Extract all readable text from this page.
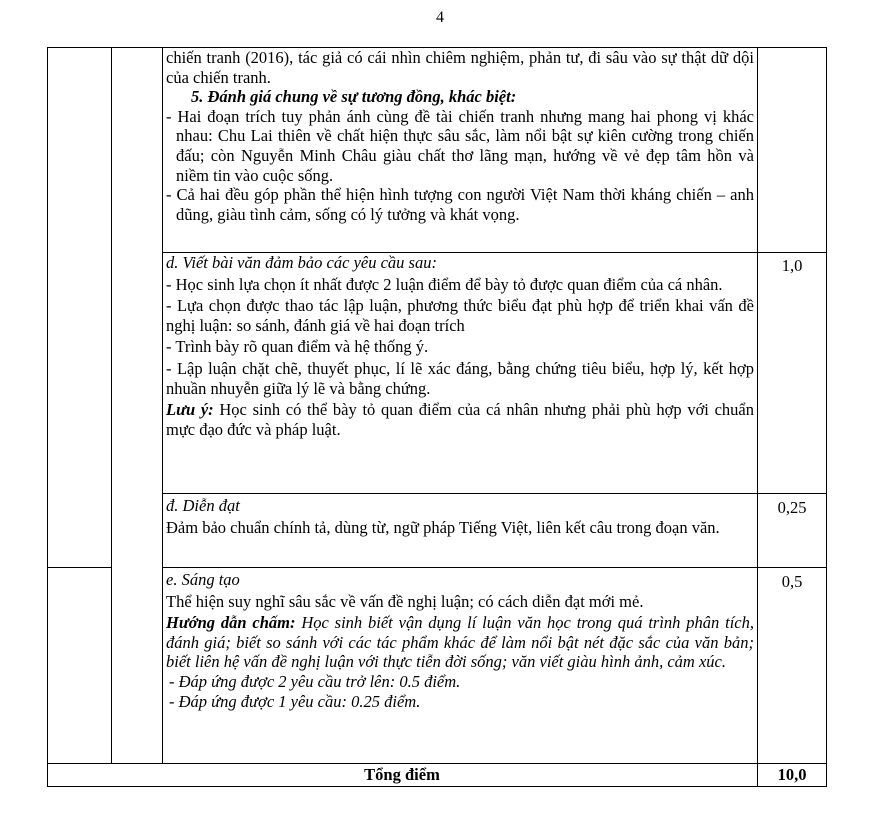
4

chiến tranh (2016), tác giả có cái nhìn chiêm nghiệm, phản tư, đi sâu vào sự thật dữ dội của chiến tranh.

5. Đánh giá chung về sự tương đồng, khác biệt:

- Hai đoạn trích tuy phản ánh cùng đề tài chiến tranh nhưng mang hai phong vị khác nhau: Chu Lai thiên về chất hiện thực sâu sắc, làm nổi bật sự kiên cường trong chiến đấu; còn Nguyễn Minh Châu giàu chất thơ lãng mạn, hướng về vẻ đẹp tâm hồn và niềm tin vào cuộc sống.

- Cả hai đều góp phần thể hiện hình tượng con người Việt Nam thời kháng chiến – anh dũng, giàu tình cảm, sống có lý tưởng và khát vọng.

d. Viết bài văn đảm bảo các yêu cầu sau:

- Học sinh lựa chọn ít nhất được 2 luận điểm để bày tỏ được quan điểm của cá nhân.

- Lựa chọn được thao tác lập luận, phương thức biểu đạt phù hợp để triển khai vấn đề nghị luận: so sánh, đánh giá về hai đoạn trích

- Trình bày rõ quan điểm và hệ thống ý.

- Lập luận chặt chẽ, thuyết phục, lí lẽ xác đáng, bằng chứng tiêu biểu, hợp lý, kết hợp nhuần nhuyễn giữa lý lẽ và bằng chứng.

Lưu ý: Học sinh có thể bày tỏ quan điểm của cá nhân nhưng phải phù hợp với chuẩn mực đạo đức và pháp luật.

1,0

đ. Diễn đạt

Đảm bảo chuẩn chính tả, dùng từ, ngữ pháp Tiếng Việt, liên kết câu trong đoạn văn.

0,25

e. Sáng tạo

Thể hiện suy nghĩ sâu sắc về vấn đề nghị luận; có cách diễn đạt mới mẻ.

Hướng dẫn chấm: Học sinh biết vận dụng lí luận văn học trong quá trình phân tích, đánh giá; biết so sánh với các tác phẩm khác để làm nổi bật nét đặc sắc của văn bản; biết liên hệ vấn đề nghị luận với thực tiễn đời sống; văn viết giàu hình ảnh, cảm xúc.

- Đáp ứng được 2 yêu cầu trở lên: 0.5 điểm.

- Đáp ứng được 1 yêu cầu: 0.25 điểm.

0,5
Tổng điểm	10,0
